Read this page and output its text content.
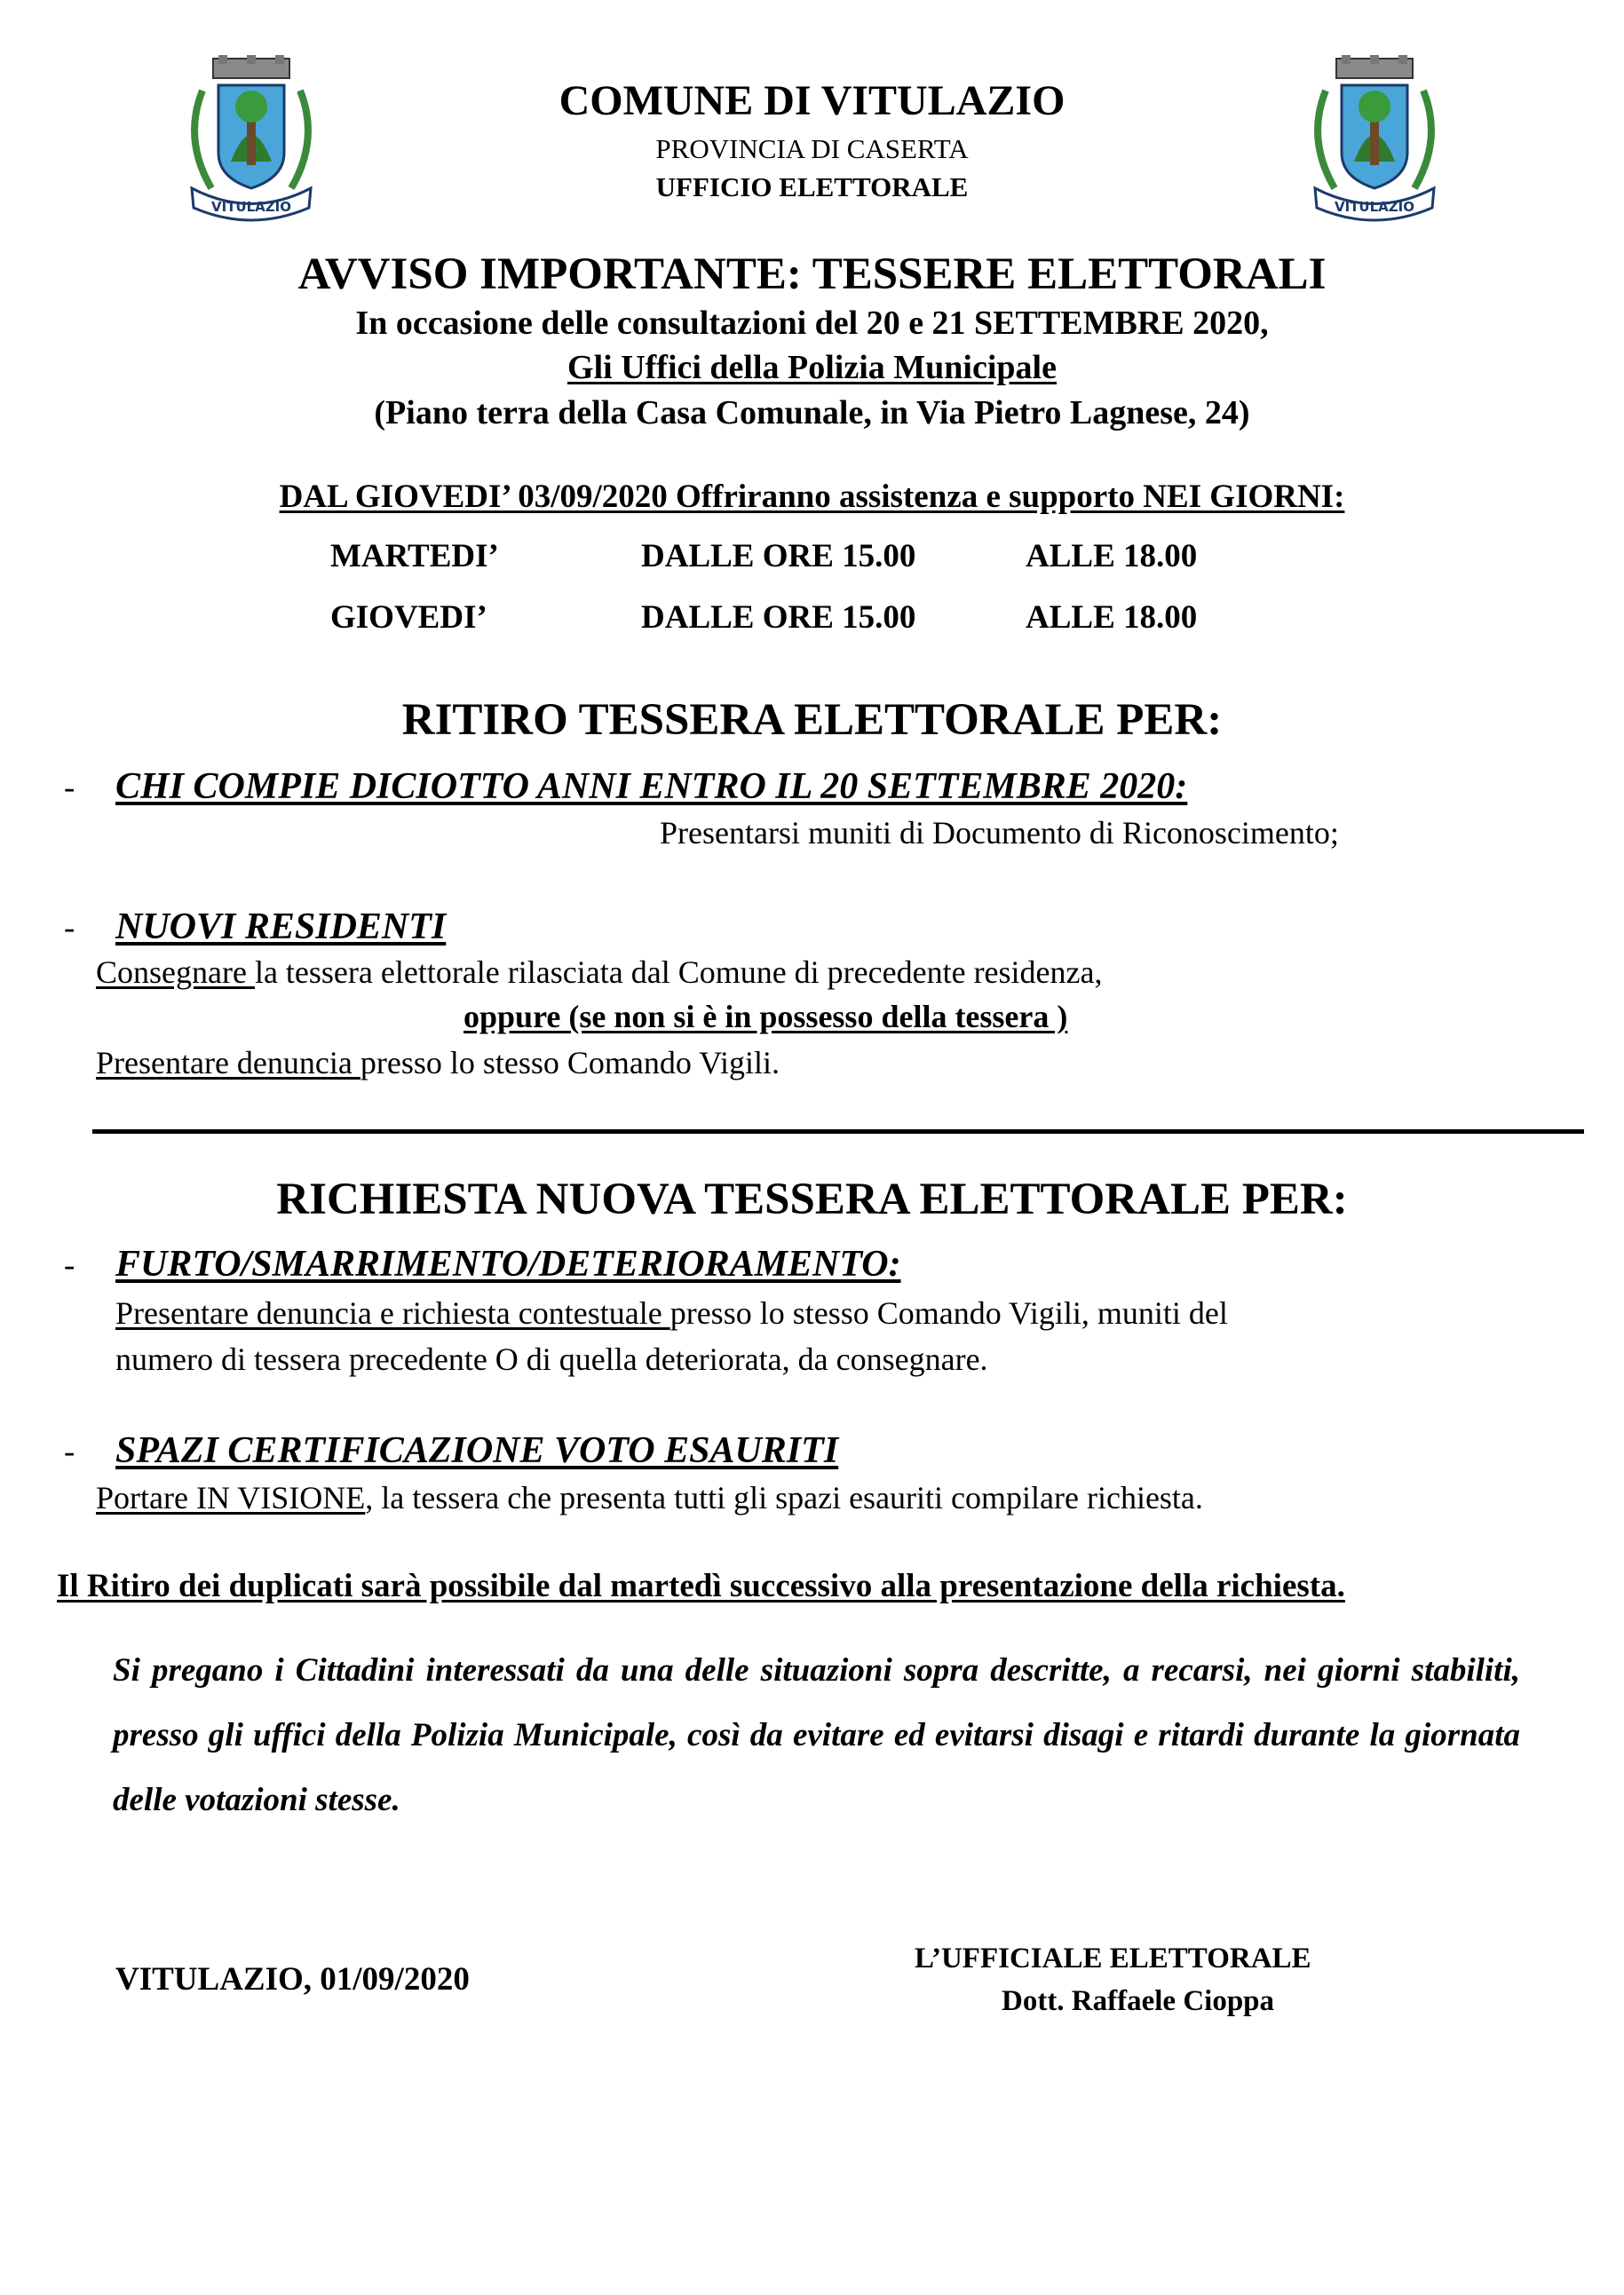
VITULAZIO	VITULAZIO
COMUNE DI VITULAZIO
PROVINCIA DI CASERTA
UFFICIO ELETTORALE
AVVISO IMPORTANTE: TESSERE ELETTORALI
In occasione delle consultazioni del 20 e 21 SETTEMBRE 2020,
Gli Uffici della Polizia Municipale
(Piano terra della Casa Comunale, in Via Pietro Lagnese, 24)
DAL GIOVEDI’ 03/09/2020 Offriranno assistenza e supporto NEI GIORNI:
MARTEDI’	DALLE ORE 15.00	ALLE 18.00
GIOVEDI’	DALLE ORE 15.00	ALLE 18.00
RITIRO TESSERA ELETTORALE PER:
- CHI COMPIE DICIOTTO ANNI ENTRO IL 20 SETTEMBRE 2020:
Presentarsi muniti di Documento di Riconoscimento;
- NUOVI RESIDENTI
Consegnare la tessera elettorale rilasciata dal Comune di precedente residenza,
oppure (se non si è in possesso della tessera )
Presentare denuncia presso lo stesso Comando Vigili.
RICHIESTA NUOVA TESSERA ELETTORALE PER:
- FURTO/SMARRIMENTO/DETERIORAMENTO:
Presentare denuncia e richiesta contestuale presso lo stesso Comando Vigili, muniti del
numero di tessera precedente O di quella deteriorata, da consegnare.
- SPAZI CERTIFICAZIONE VOTO ESAURITI
Portare IN VISIONE, la tessera che presenta tutti gli spazi esauriti compilare richiesta.
Il Ritiro dei duplicati sarà possibile dal martedì successivo alla presentazione della richiesta.
Si pregano i Cittadini interessati da una delle situazioni sopra descritte, a recarsi, nei giorni stabiliti, presso gli uffici della Polizia Municipale, così da evitare ed evitarsi disagi e ritardi durante la giornata delle votazioni stesse.
VITULAZIO, 01/09/2020
L’UFFICIALE ELETTORALE
Dott. Raffaele Cioppa
